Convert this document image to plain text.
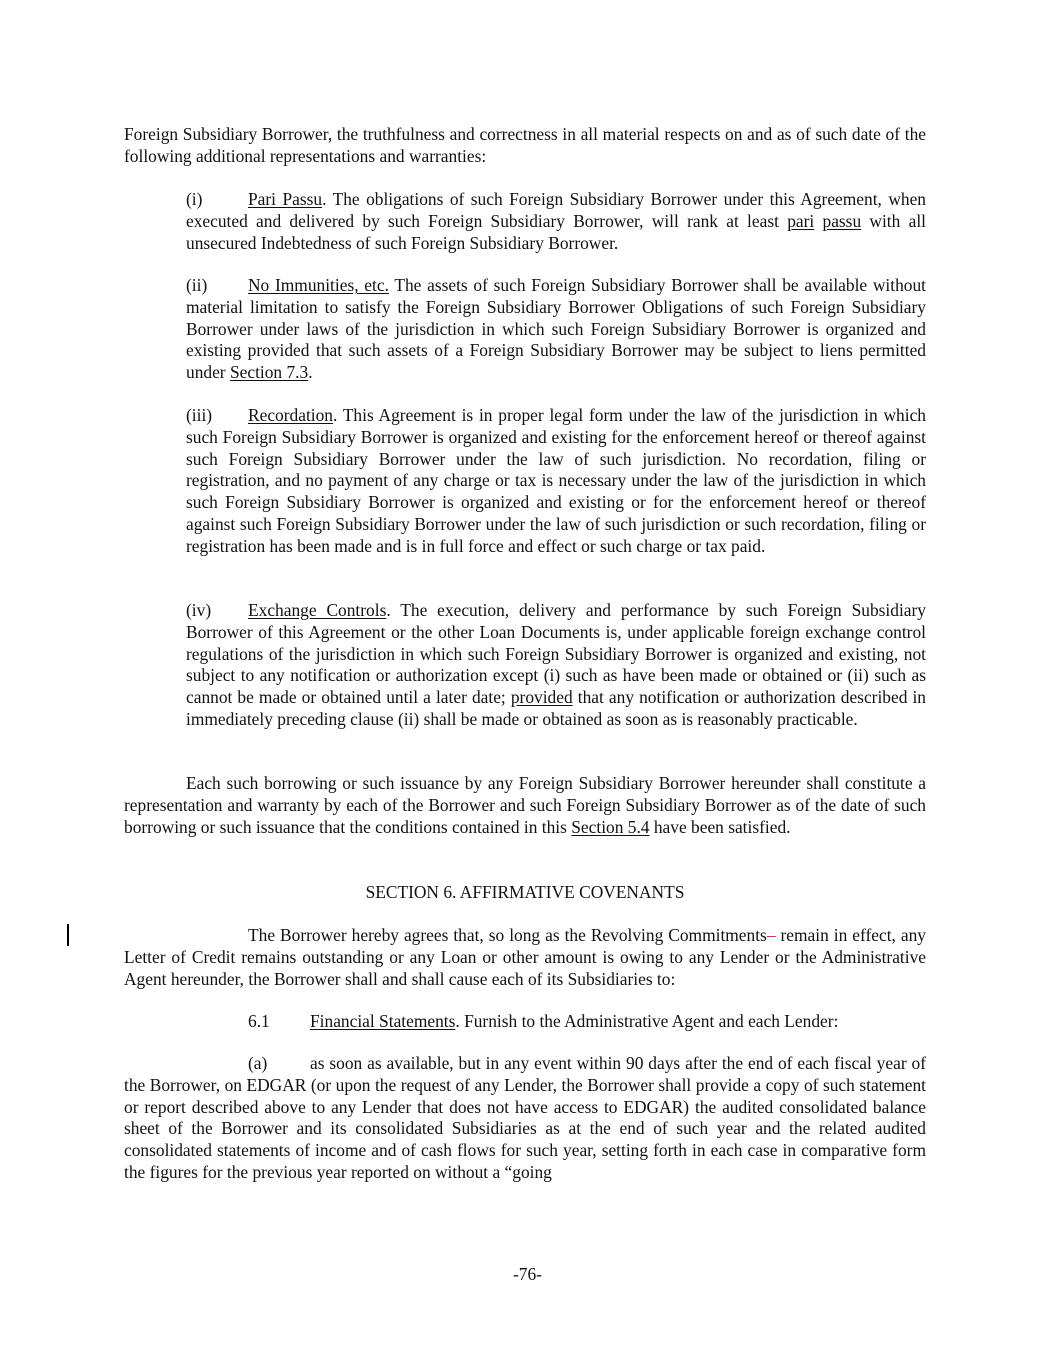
Foreign Subsidiary Borrower, the truthfulness and correctness in all material respects on and as of such date of the following additional representations and warranties:

(i)	Pari Passu. The obligations of such Foreign Subsidiary Borrower under this Agreement, when executed and delivered by such Foreign Subsidiary Borrower, will rank at least pari passu with all unsecured Indebtedness of such Foreign Subsidiary Borrower.

(ii) No Immunities, etc. The assets of such Foreign Subsidiary Borrower shall be available without material limitation to satisfy the Foreign Subsidiary Borrower Obligations of such Foreign Subsidiary Borrower under laws of the jurisdiction in which such Foreign Subsidiary Borrower is organized and existing provided that such assets of a Foreign Subsidiary Borrower may be subject to liens permitted under Section 7.3.

(iii) Recordation. This Agreement is in proper legal form under the law of the jurisdiction in which such Foreign Subsidiary Borrower is organized and existing for the enforcement hereof or thereof against such Foreign Subsidiary Borrower under the law of such jurisdiction. No recordation, filing or registration, and no payment of any charge or tax is necessary under the law of the jurisdiction in which such Foreign Subsidiary Borrower is organized and existing or for the enforcement hereof or thereof against such Foreign Subsidiary Borrower under the law of such jurisdiction or such recordation, filing or registration has been made and is in full force and effect or such charge or tax paid.

(iv) Exchange Controls. The execution, delivery and performance by such Foreign Subsidiary Borrower of this Agreement or the other Loan Documents is, under applicable foreign exchange control regulations of the jurisdiction in which such Foreign Subsidiary Borrower is organized and existing, not subject to any notification or authorization except (i) such as have been made or obtained or (ii) such as cannot be made or obtained until a later date; provided that any notification or authorization described in immediately preceding clause (ii) shall be made or obtained as soon as is reasonably practicable.

Each such borrowing or such issuance by any Foreign Subsidiary Borrower hereunder shall constitute a representation and warranty by each of the Borrower and such Foreign Subsidiary Borrower as of the date of such borrowing or such issuance that the conditions contained in this Section 5.4 have been satisfied.

SECTION 6. AFFIRMATIVE COVENANTS

The Borrower hereby agrees that, so long as the Revolving Commitments– remain in effect, any Letter of Credit remains outstanding or any Loan or other amount is owing to any Lender or the Administrative Agent hereunder, the Borrower shall and shall cause each of its Subsidiaries to:

6.1 Financial Statements. Furnish to the Administrative Agent and each Lender:

(a) as soon as available, but in any event within 90 days after the end of each fiscal year of the Borrower, on EDGAR (or upon the request of any Lender, the Borrower shall provide a copy of such statement or report described above to any Lender that does not have access to EDGAR) the audited consolidated balance sheet of the Borrower and its consolidated Subsidiaries as at the end of such year and the related audited consolidated statements of income and of cash flows for such year, setting forth in each case in comparative form the figures for the previous year reported on without a “going

-76-
